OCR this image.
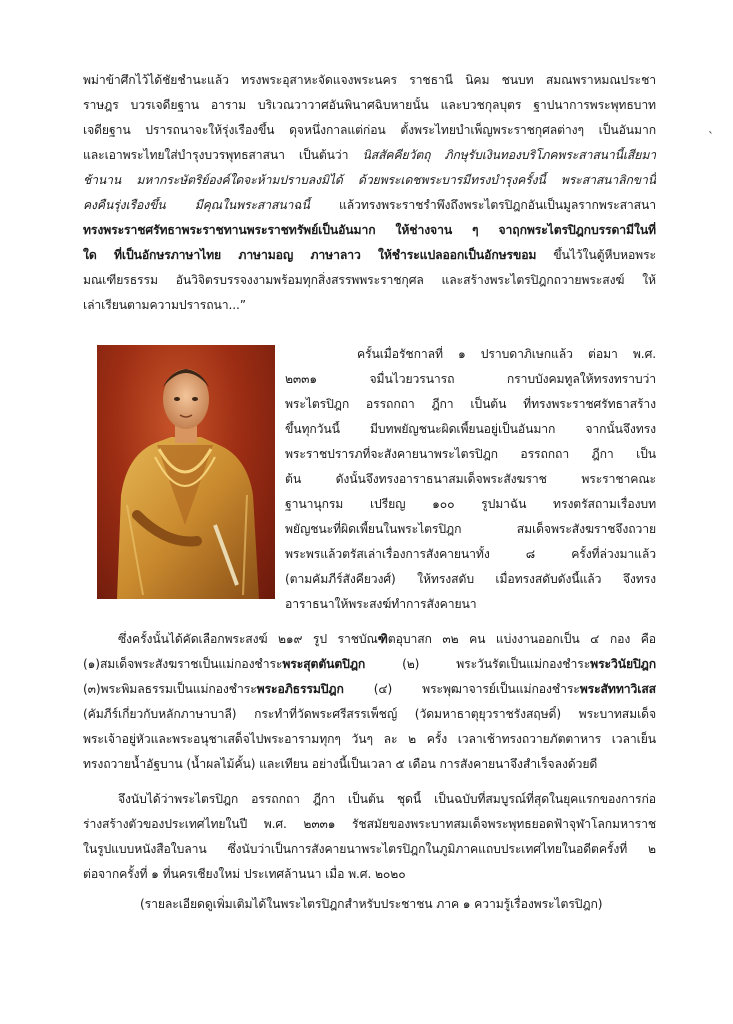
`
พม่าข้าศึกไว้ได้ชัยชำนะแล้ว ทรงพระอุสาหะจัดแจงพระนคร ราชธานี นิคม ชนบท สมณพราหมณประชา
ราษฎร บวรเจดียฐาน อาราม บริเวณวาวาศอันพินาศฉิบหายนั้น และบวชกุลบุตร ฐาปนาการพระพุทธบาท
เจดียฐาน ปรารถนาจะให้รุ่งเรืองขึ้น ดุจหนึ่งกาลแต่ก่อน ตั้งพระไทยบำเพ็ญพระราชกุศลต่างๆ เป็นอันมาก
และเอาพระไทยใส่บำรุงบวรพุทธสาสนา เป็นต้นว่า นิสสัคคียวัตถุ ภิกษุรับเงินทองบริโภคพระสาสนานี้เสียมา
ช้านาน มหากระษัตริย์องค์ใดจะห้ามปราบลงมิได้ ด้วยพระเดชพระบารมีทรงบำรุงครั้งนี้ พระสาสนาลิกขานี้
คงคืนรุ่งเรืองขึ้น มีคุณในพระสาสนาฉนี้ แล้วทรงพระราชรำพึงถึงพระไตรปิฎกอันเป็นมูลรากพระสาสนา
ทรงพระราชศรัทธาพระราชทานพระราชทรัพย์เป็นอันมาก ให้ช่างจาน ๆ จาฤกพระไตรปิฎกบรรดามีในที่
ใด ที่เป็นอักษรภาษาไทย ภาษามอญ ภาษาลาว ให้ชำระแปลออกเป็นอักษรขอม ขึ้นไว้ในตู้หีบหอพระ
มณเฑียรธรรม อันวิจิตรบรรจงงามพร้อมทุกสิ่งสรรพพระราชกุศล และสร้างพระไตรปิฎกถวายพระสงฆ์ ให้
เล่าเรียนตามความปรารถนา...”
ครั้นเมื่อรัชกาลที่ ๑ ปราบดาภิเษกแล้ว ต่อมา พ.ศ.
๒๓๓๑ จมื่นไวยวรนารถ กราบบังคมทูลให้ทรงทราบว่า
พระไตรปิฎก อรรถกถา ฎีกา เป็นต้น ที่ทรงพระราชศรัทธาสร้าง
ขึ้นทุกวันนี้ มีบทพยัญชนะผิดเพี้ยนอยู่เป็นอันมาก จากนั้นจึงทรง
พระราชปรารภที่จะสังคายนาพระไตรปิฎก อรรถกถา ฎีกา เป็น
ต้น ดังนั้นจึงทรงอาราธนาสมเด็จพระสังฆราช พระราชาคณะ
ฐานานุกรม เปรียญ ๑๐๐ รูปมาฉัน ทรงตรัสถามเรื่องบท
พยัญชนะที่ผิดเพี้ยนในพระไตรปิฎก สมเด็จพระสังฆราชจึงถวาย
พระพรแล้วตรัสเล่าเรื่องการสังคายนาทั้ง ๘ ครั้งที่ล่วงมาแล้ว
(ตามคัมภีร์สังคียวงศ์) ให้ทรงสดับ เมื่อทรงสดับดังนี้แล้ว จึงทรง
อาราธนาให้พระสงฆ์ทำการสังคายนา
ซึ่งครั้งนั้นได้คัดเลือกพระสงฆ์ ๒๑๙ รูป ราชบัณฑิตอุบาสก ๓๒ คน แบ่งงานออกเป็น ๔ กอง คือ
(๑)สมเด็จพระสังฆราชเป็นแม่กองชำระพระสุตตันตปิฎก (๒) พระวันรัตเป็นแม่กองชำระพระวินัยปิฎก
(๓)พระพิมลธรรมเป็นแม่กองชำระพระอภิธรรมปิฎก (๔) พระพุฒาจารย์เป็นแม่กองชำระพระสัททาวิเสส
(คัมภีร์เกี่ยวกับหลักภาษาบาลี) กระทำที่วัดพระศรีสรรเพ็ชญ์ (วัดมหาธาตุยุวราชรังสฤษดิ์) พระบาทสมเด็จ
พระเจ้าอยู่หัวและพระอนุชาเสด็จไปพระอารามทุกๆ วันๆ ละ ๒ ครั้ง เวลาเช้าทรงถวายภัตตาหาร เวลาเย็น
ทรงถวายน้ำอัฐบาน (น้ำผลไม้คั้น) และเทียน อย่างนี้เป็นเวลา ๕ เดือน การสังคายนาจึงสำเร็จลงด้วยดี
จึงนับได้ว่าพระไตรปิฎก อรรถกถา ฎีกา เป็นต้น ชุดนี้ เป็นฉบับที่สมบูรณ์ที่สุดในยุคแรกของการก่อ
ร่างสร้างตัวของประเทศไทยในปี พ.ศ. ๒๓๓๑ รัชสมัยของพระบาทสมเด็จพระพุทธยอดฟ้าจุฬาโลกมหาราช
ในรูปแบบหนังสือใบลาน ซึ่งนับว่าเป็นการสังคายนาพระไตรปิฎกในภูมิภาคแถบประเทศไทยในอดีตครั้งที่ ๒
ต่อจากครั้งที่ ๑ ที่นครเชียงใหม่ ประเทศล้านนา เมื่อ พ.ศ. ๒๐๒๐
(รายละเอียดดูเพิ่มเติมได้ในพระไตรปิฎกสำหรับประชาชน ภาค ๑ ความรู้เรื่องพระไตรปิฎก)
